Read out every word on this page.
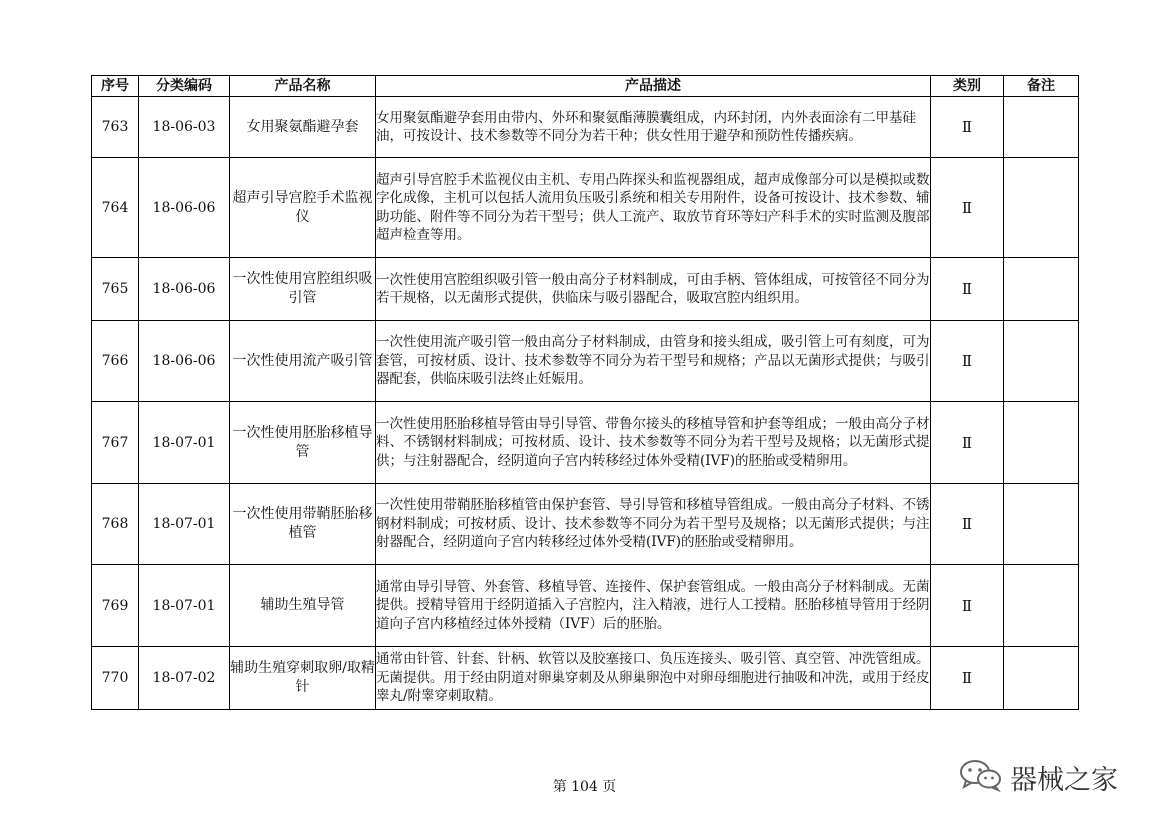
序号	分类编码	产品名称	产品描述	类别	备注
763	18-06-03	女用聚氨酯避孕套	女用聚氨酯避孕套用由带内、外环和聚氨酯薄膜囊组成，内环封闭，内外表面涂有二甲基硅油，可按设计、技术参数等不同分为若干种；供女性用于避孕和预防性传播疾病。	Ⅱ	
764	18-06-06	超声引导宫腔手术监视仪	超声引导宫腔手术监视仪由主机、专用凸阵探头和监视器组成，超声成像部分可以是模拟或数字化成像，主机可以包括人流用负压吸引系统和相关专用附件，设备可按设计、技术参数、辅助功能、附件等不同分为若干型号；供人工流产、取放节育环等妇产科手术的实时监测及腹部超声检查等用。	Ⅱ	
765	18-06-06	一次性使用宫腔组织吸引管	一次性使用宫腔组织吸引管一般由高分子材料制成，可由手柄、管体组成，可按管径不同分为若干规格，以无菌形式提供，供临床与吸引器配合，吸取宫腔内组织用。	Ⅱ	
766	18-06-06	一次性使用流产吸引管	一次性使用流产吸引管一般由高分子材料制成，由管身和接头组成，吸引管上可有刻度，可为套管，可按材质、设计、技术参数等不同分为若干型号和规格；产品以无菌形式提供；与吸引器配套，供临床吸引法终止妊娠用。	Ⅱ	
767	18-07-01	一次性使用胚胎移植导管	一次性使用胚胎移植导管由导引导管、带鲁尔接头的移植导管和护套等组成；一般由高分子材料、不锈钢材料制成；可按材质、设计、技术参数等不同分为若干型号及规格；以无菌形式提供；与注射器配合，经阴道向子宫内转移经过体外受精(IVF)的胚胎或受精卵用。	Ⅱ	
768	18-07-01	一次性使用带鞘胚胎移植管	一次性使用带鞘胚胎移植管由保护套管、导引导管和移植导管组成。一般由高分子材料、不锈钢材料制成；可按材质、设计、技术参数等不同分为若干型号及规格；以无菌形式提供；与注射器配合，经阴道向子宫内转移经过体外受精(IVF)的胚胎或受精卵用。	Ⅱ	
769	18-07-01	辅助生殖导管	通常由导引导管、外套管、移植导管、连接件、保护套管组成。一般由高分子材料制成。无菌提供。授精导管用于经阴道插入子宫腔内，注入精液，进行人工授精。胚胎移植导管用于经阴道向子宫内移植经过体外授精（IVF）后的胚胎。	Ⅱ	
770	18-07-02	辅助生殖穿刺取卵/取精针	通常由针管、针套、针柄、软管以及胶塞接口、负压连接头、吸引管、真空管、冲洗管组成。无菌提供。用于经由阴道对卵巢穿刺及从卵巢卵泡中对卵母细胞进行抽吸和冲洗，或用于经皮睾丸/附睾穿刺取精。	Ⅱ	
第 104 页	器械之家
